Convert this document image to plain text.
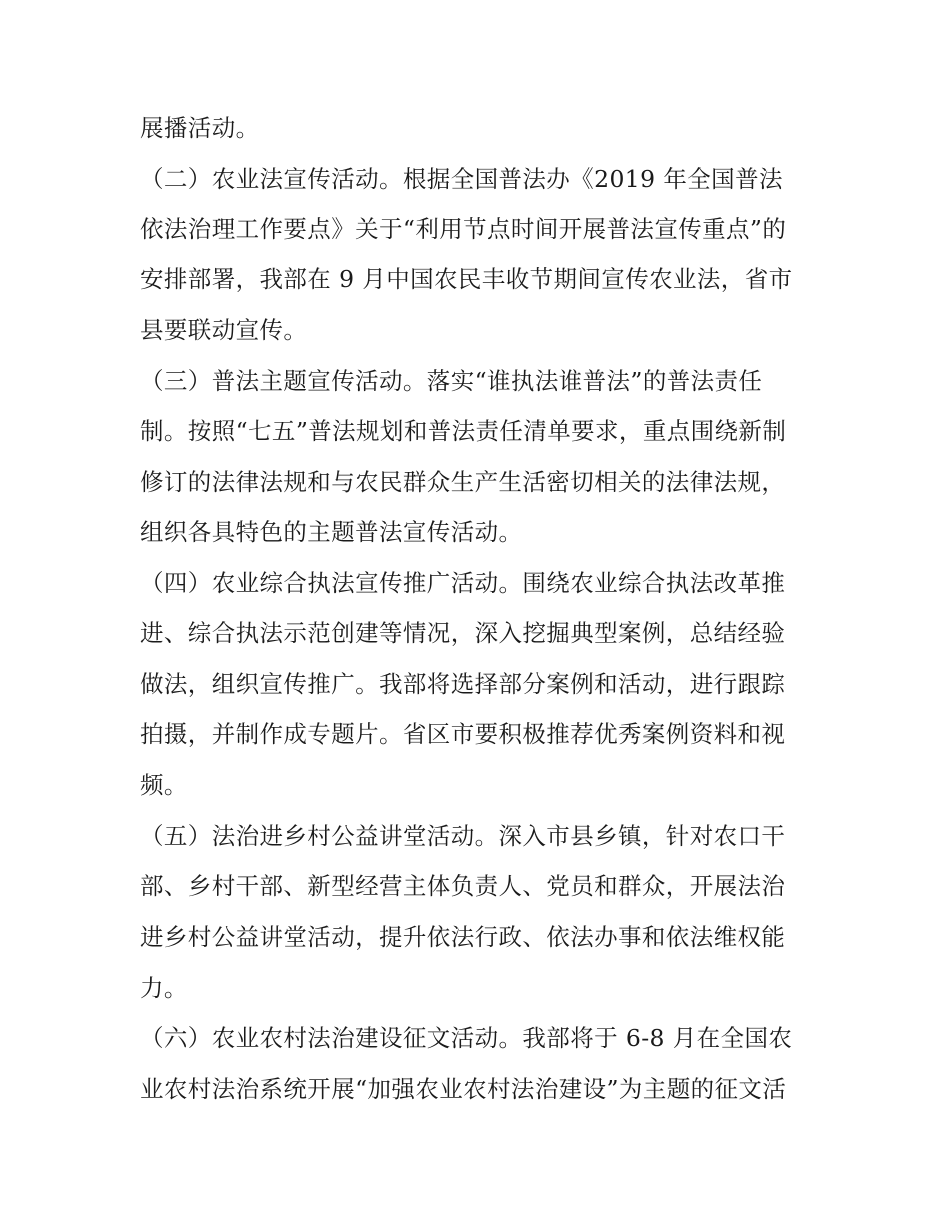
展播活动。
（二）农业法宣传活动。根据全国普法办《2019 年全国普法
依法治理工作要点》关于“利用节点时间开展普法宣传重点”的
安排部署，我部在 9 月中国农民丰收节期间宣传农业法，省市
县要联动宣传。
（三）普法主题宣传活动。落实“谁执法谁普法”的普法责任
制。按照“七五”普法规划和普法责任清单要求，重点围绕新制
修订的法律法规和与农民群众生产生活密切相关的法律法规，
组织各具特色的主题普法宣传活动。
（四）农业综合执法宣传推广活动。围绕农业综合执法改革推
进、综合执法示范创建等情况，深入挖掘典型案例，总结经验
做法，组织宣传推广。我部将选择部分案例和活动，进行跟踪
拍摄，并制作成专题片。省区市要积极推荐优秀案例资料和视
频。
（五）法治进乡村公益讲堂活动。深入市县乡镇，针对农口干
部、乡村干部、新型经营主体负责人、党员和群众，开展法治
进乡村公益讲堂活动，提升依法行政、依法办事和依法维权能
力。
（六）农业农村法治建设征文活动。我部将于 6-8 月在全国农
业农村法治系统开展“加强农业农村法治建设”为主题的征文活
